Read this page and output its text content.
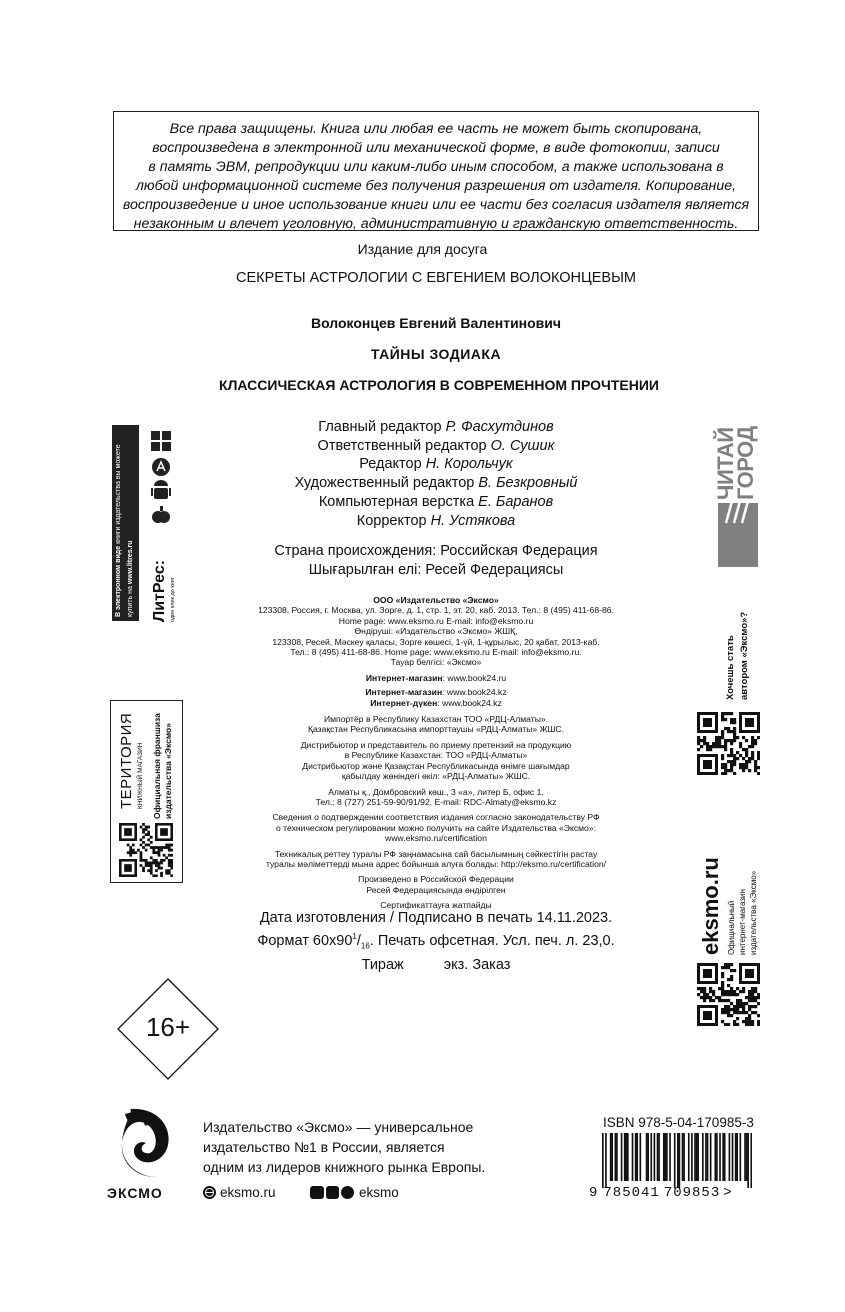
Все права защищены. Книга или любая ее часть не может быть скопирована,

воспроизведена в электронной или механической форме, в виде фотокопии, записи

в память ЭВМ, репродукции или каким-либо иным способом, а также использована в

любой информационной системе без получения разрешения от издателя. Копирование,

воспроизведение и иное использование книги или ее части без согласия издателя является

незаконным и влечет уголовную, административную и гражданскую ответственность.

Издание для досуга
СЕКРЕТЫ АСТРОЛОГИИ С ЕВГЕНИЕМ ВОЛОКОНЦЕВЫМ
Волоконцев Евгений Валентинович
ТАЙНЫ ЗОДИАКА
КЛАССИЧЕСКАЯ АСТРОЛОГИЯ В СОВРЕМЕННОМ ПРОЧТЕНИИ
Главный редактор Р. Фасхутдинов
Ответственный редактор О. Сушик
Редактор Н. Корольчук
Художественный редактор В. Безкровный
Компьютерная верстка Е. Баранов
Корректор Н. Устякова
Страна происхождения: Российская Федерация
Шығарылған елі: Ресей Федерациясы
ООО «Издательство «Эксмо»
123308, Россия, г. Москва, ул. Зорге, д. 1, стр. 1, эт. 20, каб. 2013. Тел.: 8 (495) 411-68-86.
Home page: www.eksmo.ru E-mail: info@eksmo.ru
Өндіруші: «Издательство «Эксмо» ЖШҚ,
123308, Ресей, Мәскеу қаласы, Зорге көшесі, 1-үй, 1-құрылыс, 20 қабат, 2013-каб.
Тел.: 8 (495) 411-68-86. Home page: www.eksmo.ru E-mail: info@eksmo.ru.
Тауар белгісі: «Эксмо»
Интернет-магазин: www.book24.ru
Интернет-магазин: www.book24.kz
Интернет-дүкен: www.book24.kz
Импортёр в Республику Казахстан ТОО «РДЦ-Алматы».
Қазақстан Республикасына импорттаушы «РДЦ-Алматы» ЖШС.
Дистрибьютор и представитель по приему претензий на продукцию
в Республике Казахстан: ТОО «РДЦ-Алматы»
Дистрибьютор және Қазақстан Республикасында өнімге шағымдар
қабылдау жөніндегі өкіл: «РДЦ-Алматы» ЖШС.
Алматы қ., Домбровский көш., 3 «а», литер Б, офис 1.
Тел.: 8 (727) 251-59-90/91/92. E-mail: RDC-Almaty@eksmo.kz
Сведения о подтверждении соответствия издания согласно законодательству РФ
о техническом регулировании можно получить на сайте Издательства «Эксмо»:
www.eksmo.ru/certification
Техникалық реттеу туралы РФ заңнамасына сай басылымның сәйкестігін растау
туралы мәліметтерді мына адрес бойынша алуға болады: http://eksmo.ru/certification/
Произведено в Российской Федерации
Ресей Федерациясында өндірілген
Сертификаттауға жатпайды
Дата изготовления / Подписано в печать 14.11.2023.
Формат $60х90^1/_{16}$. Печать офсетная. Усл. печ. л. 23,0.
Тираж	экз. Заказ
16+
В электронном виде книги издательства вы можете
купить на www.litres.ru ЛитРес: один клик до книг
ТЕРИТОРИЯ КНИЖНЫЙ МАГАЗИН Официальная франшиза издательства «Эксмо»
ЧИТАЙ
ГОРОД
Хочешь стать автором «Эксмо»?
eksmo.ru Официальный интернет-магазин издательства «Эксмо»
ЭКСМО
Издательство «Эксмо» — универсальное
издательство №1 в России, является
одним из лидеров книжного рынка Европы.
eksmo.ru	eksmo
ISBN 978-5-04-170985-3
9 785041 709853 >
